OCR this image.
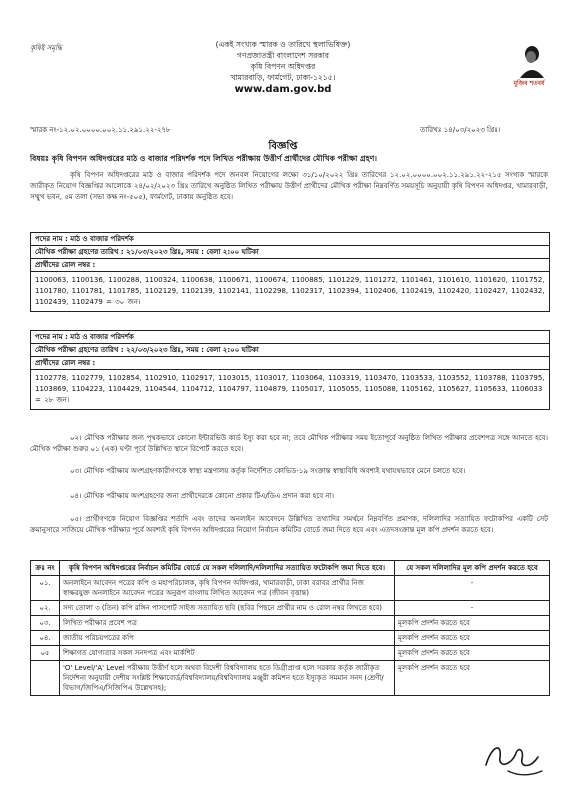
কৃষিই সমৃদ্ধি	(একই সংখ্যক স্মারক ও তারিখে স্থলাভিষিক্ত)
গণপ্রজাতন্ত্রী বাংলাদেশ সরকার
কৃষি বিপণন অধিদপ্তর
খামারবাড়ি, ফার্মগেট, ঢাকা-১২১৫।
www.dam.gov.bd
মুজিব শতবর্ষ
স্মারক নং-১২.০২.০০০০.০০২.১১.২৯১.২২-২৭৮	তারিখঃ ১৪/০৩/২০২৩ খ্রিঃ।
বিজ্ঞপ্তি
বিষয়ঃ কৃষি বিপণন অধিদপ্তরের মাঠ ও বাজার পরিদর্শক পদে লিখিত পরীক্ষায় উত্তীর্ণ প্রার্থীদের মৌখিক পরীক্ষা গ্রহণ।
কৃষি বিপণন অধিদপ্তরের মাঠ ও বাজার পরিদর্শক পদে জনবল নিয়োগের লক্ষ্যে ৩১/১০/২০২২ খ্রিঃ তারিখের ১২.০২.০০০০.০০২.১১.২৯১.২২-২১৫ সংখ্যক স্মারকে জারীকৃত নিয়োগ বিজ্ঞপ্তির আলোকে ২৪/০২/২০২৩ খ্রিঃ তারিখে অনুষ্ঠিত লিখিত পরীক্ষায় উত্তীর্ণ প্রার্থীদের মৌখিক পরীক্ষা নিম্নবর্ণিত সময়সূচি অনুযায়ী কৃষি বিপণন অধিদপ্তর, খামারবাড়ী, সম্মুখ ভবন, ৫ম তলা (সভা কক্ষ নং-৫০৫), ফার্মগেট, ঢাকায় অনুষ্ঠিত হবে।
পদের নাম : মাঠ ও বাজার পরিদর্শক
মৌখিক পরীক্ষা গ্রহণের তারিখ : ২১/০৩/২০২৩ খ্রিঃ, সময় : বেলা ২:০০ ঘটিকা
প্রার্থীদের রোল নম্বর :
1100063, 1100136, 1100288, 1100324, 1100638, 1100671, 1100674, 1100885, 1101229, 1101272, 1101461, 1101610, 1101620, 1101752, 1101780, 1101781, 1101785, 1102129, 1102139, 1102141, 1102298, 1102317, 1102394, 1102406, 1102419, 1102420, 1102427, 1102432, 1102439, 1102479 = ৩০ জন।
পদের নাম : মাঠ ও বাজার পরিদর্শক
মৌখিক পরীক্ষা গ্রহণের তারিখ : ২২/০৩/২০২৩ খ্রিঃ, সময় : বেলা ২:০০ ঘটিকা
প্রার্থীদের রোল নম্বর :
1102778, 1102779, 1102854, 1102910, 1102917, 1103015, 1103017, 1103064, 1103319, 1103470, 1103533, 1103552, 1103788, 1103795, 1103869, 1104223, 1104429, 1104544, 1104712, 1104797, 1104879, 1105017, 1105055, 1105088, 1105162, 1105627, 1105633, 1106033 = ২৮ জন।
০২। মৌখিক পরীক্ষার জন্য পৃথকভাবে কোনো ইন্টারভিউ কার্ড ইস্যু করা হবে না; তবে মৌখিক পরীক্ষার সময় ইতোপূর্বে অনুষ্ঠিত লিখিত পরীক্ষার প্রবেশপত্র সঙ্গে আনতে হবে। মৌখিক পরীক্ষা শুরুর ০১ (এক) ঘণ্টা পূর্বে উল্লিখিত স্থানে রিপোর্ট করতে হবে।
০৩। মৌখিক পরীক্ষায় অংশগ্রহণকারীগণকে স্বাস্থ্য মন্ত্রণালয় কর্তৃক নির্দেশিত কোভিড-১৯ সংক্রান্ত স্বাস্থ্যবিধি অবশ্যই যথাযথভাবে মেনে চলতে হবে।
০৪। মৌখিক পরীক্ষায় অংশগ্রহণের জন্য প্রার্থীদেরকে কোনো প্রকার টিএ/ডিএ প্রদান করা হবে না।
০৫। প্রার্থীগণকে নিয়োগ বিজ্ঞপ্তির শর্তাদি এবং তাদের অনলাইন আবেদনে উল্লিখিত তথ্যাদির সমর্থনে নিম্নবর্ণিত প্রমাণক, দলিলাদির সত্যায়িত ফটোকপির একটি সেট ক্রমানুসারে সাজিয়ে মৌখিক পরীক্ষার পূর্বে অবশ্যই কৃষি বিপণন অধিদপ্তরের নিয়োগ নির্বাচন কমিটির বোর্ডে জমা দিতে হবে এবং এতদসংক্রান্ত মূল কপি প্রদর্শন করতে হবে।
ক্রঃ নং	কৃষি বিপণন অধিদপ্তরের নির্বাচন কমিটির বোর্ডে যে সকল দলিলাদি/দলিলাদির সত্যায়িত ফটোকপি জমা দিতে হবে।	যে সকল দলিলাদির মূল কপি প্রদর্শন করতে হবে
০১.	অনলাইনে আবেদন পত্রের কপি ও মহাপরিচালক, কৃষি বিপণন অধিদপ্তর, খামারবাড়ী, ঢাকা বরাবর প্রার্থীর নিজ স্বাক্ষরযুক্ত অনলাইনে আবেদন পত্রের অনুরূপ বাংলায় লিখিত আবেদন পত্র (জীবন বৃত্তান্ত)	-
০২.	সদ্য তোলা ৩ (তিন) কপি রঙ্গিন পাসপোর্ট সাইজ সত্যায়িত ছবি (ছবির পিছনে প্রার্থীর নাম ও রোল নম্বর লিখতে হবে)	-
০৩.	লিখিত পরীক্ষার প্রবেশ পত্র	মূলকপি প্রদর্শন করতে হবে
০৪.	জাতীয় পরিচয়পত্রের কপি	মূলকপি প্রদর্শন করতে হবে
০৫	শিক্ষাগত যোগ্যতার সকল সনদপত্র এবং মার্কশিট	মূলকপি প্রদর্শন করতে হবে
	'O' Level/'A' Level পরীক্ষায় উত্তীর্ণ হলে অথবা বিদেশী বিশ্ববিদ্যালয় হতে ডিগ্রীপ্রাপ্ত হলে সরকার কর্তৃক জারীকৃত নির্দেশনা অনুযায়ী দেশীয় সংশ্লিষ্ট শিক্ষাবোর্ড/বিশ্ববিদ্যালয়/বিশ্ববিদ্যালয় মঞ্জুরী কমিশন হতে ইস্যুকৃত সমমান সনদ (শ্রেণী/বিভাগ/জিপিএ/সিজিপিএ উল্লেখসহ);	মূলকপি প্রদর্শন করতে হবে
